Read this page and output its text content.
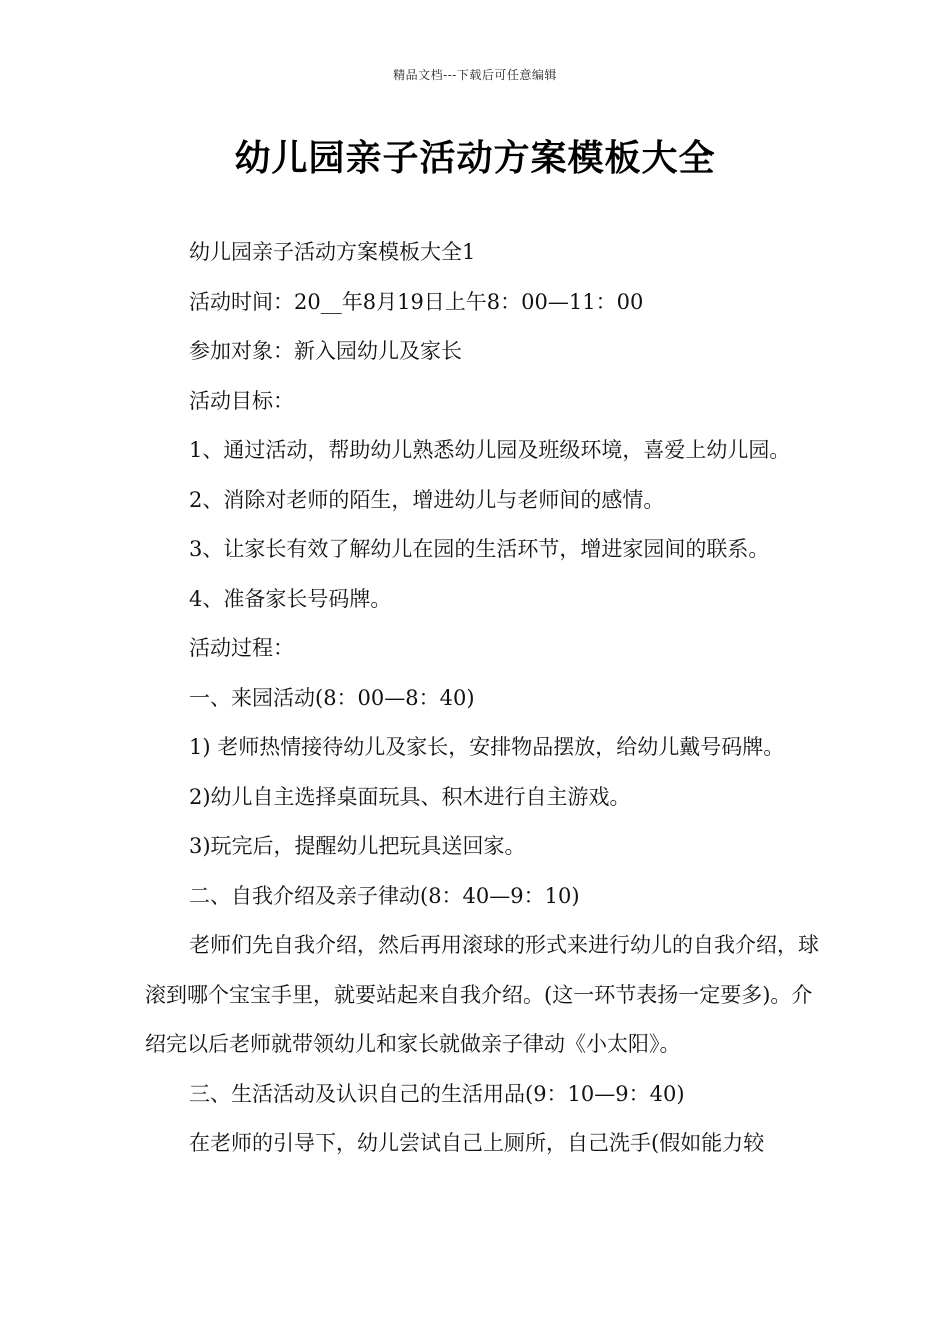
精品文档---下载后可任意编辑
幼儿园亲子活动方案模板大全

幼儿园亲子活动方案模板大全1

活动时间：20__年8月19日上午8：00—11：00

参加对象：新入园幼儿及家长

活动目标：

1、通过活动，帮助幼儿熟悉幼儿园及班级环境，喜爱上幼儿园。

2、消除对老师的陌生，增进幼儿与老师间的感情。

3、让家长有效了解幼儿在园的生活环节，增进家园间的联系。

4、准备家长号码牌。

活动过程：

一、来园活动(8：00—8：40)

1) 老师热情接待幼儿及家长，安排物品摆放，给幼儿戴号码牌。

2)幼儿自主选择桌面玩具、积木进行自主游戏。

3)玩完后，提醒幼儿把玩具送回家。

二、自我介绍及亲子律动(8：40—9：10)

老师们先自我介绍，然后再用滚球的形式来进行幼儿的自我介绍，球滚到哪个宝宝手里，就要站起来自我介绍。(这一环节表扬一定要多)。介绍完以后老师就带领幼儿和家长就做亲子律动《小太阳》。

三、生活活动及认识自己的生活用品(9：10—9：40)

在老师的引导下，幼儿尝试自己上厕所，自己洗手(假如能力较
